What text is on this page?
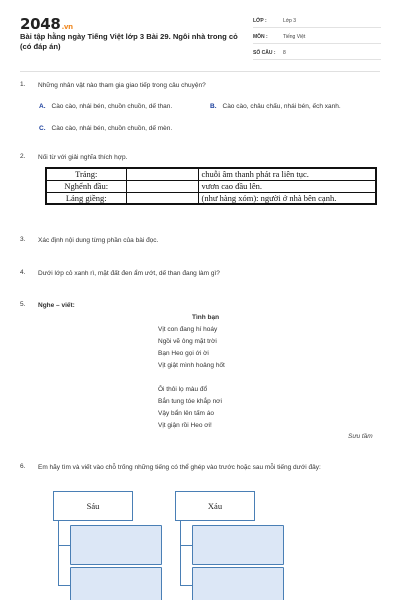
2048.vn
Bài tập hằng ngày Tiếng Việt lớp 3 Bài 29. Ngôi nhà trong cỏ (có đáp án)
LỚP :	Lớp 3
MÔN :	Tiếng Việt
SỐ CÂU :	8
1. Những nhân vật nào tham gia giao tiếp trong câu chuyện?
A. Cào cào, nhái bén, chuồn chuồn, dế than.	B. Cào cào, châu chấu, nhái bén, ếch xanh.
C. Cào cào, nhái bén, chuồn chuồn, dế mèn.
2. Nối từ với giải nghĩa thích hợp.
Trảng:		chuỗi âm thanh phát ra liên tục.
Nghểnh đầu:		vươn cao đầu lên.
Láng giềng:		(như hàng xóm): người ở nhà bên cạnh.
3. Xác định nội dung từng phần của bài đọc.
4. Dưới lớp cỏ xanh rì, mặt đất đen ẩm ướt, dế than đang làm gì?
5. Nghe – viết:
Tình bạn
Vịt con đang hí hoáy
Ngồi vẽ ông mặt trời
Bạn Heo gọi ới ời
Vịt giật mình hoảng hốt
Ôi thôi lọ màu đổ
Bắn tung tóe khắp nơi
Vậy bẩn lên tấm áo
Vịt giận rồi Heo ơi!
Sưu tầm
6. Em hãy tìm và viết vào chỗ trống những tiếng có thể ghép vào trước hoặc sau mỗi tiếng dưới đây:
Sáu	Xáu
